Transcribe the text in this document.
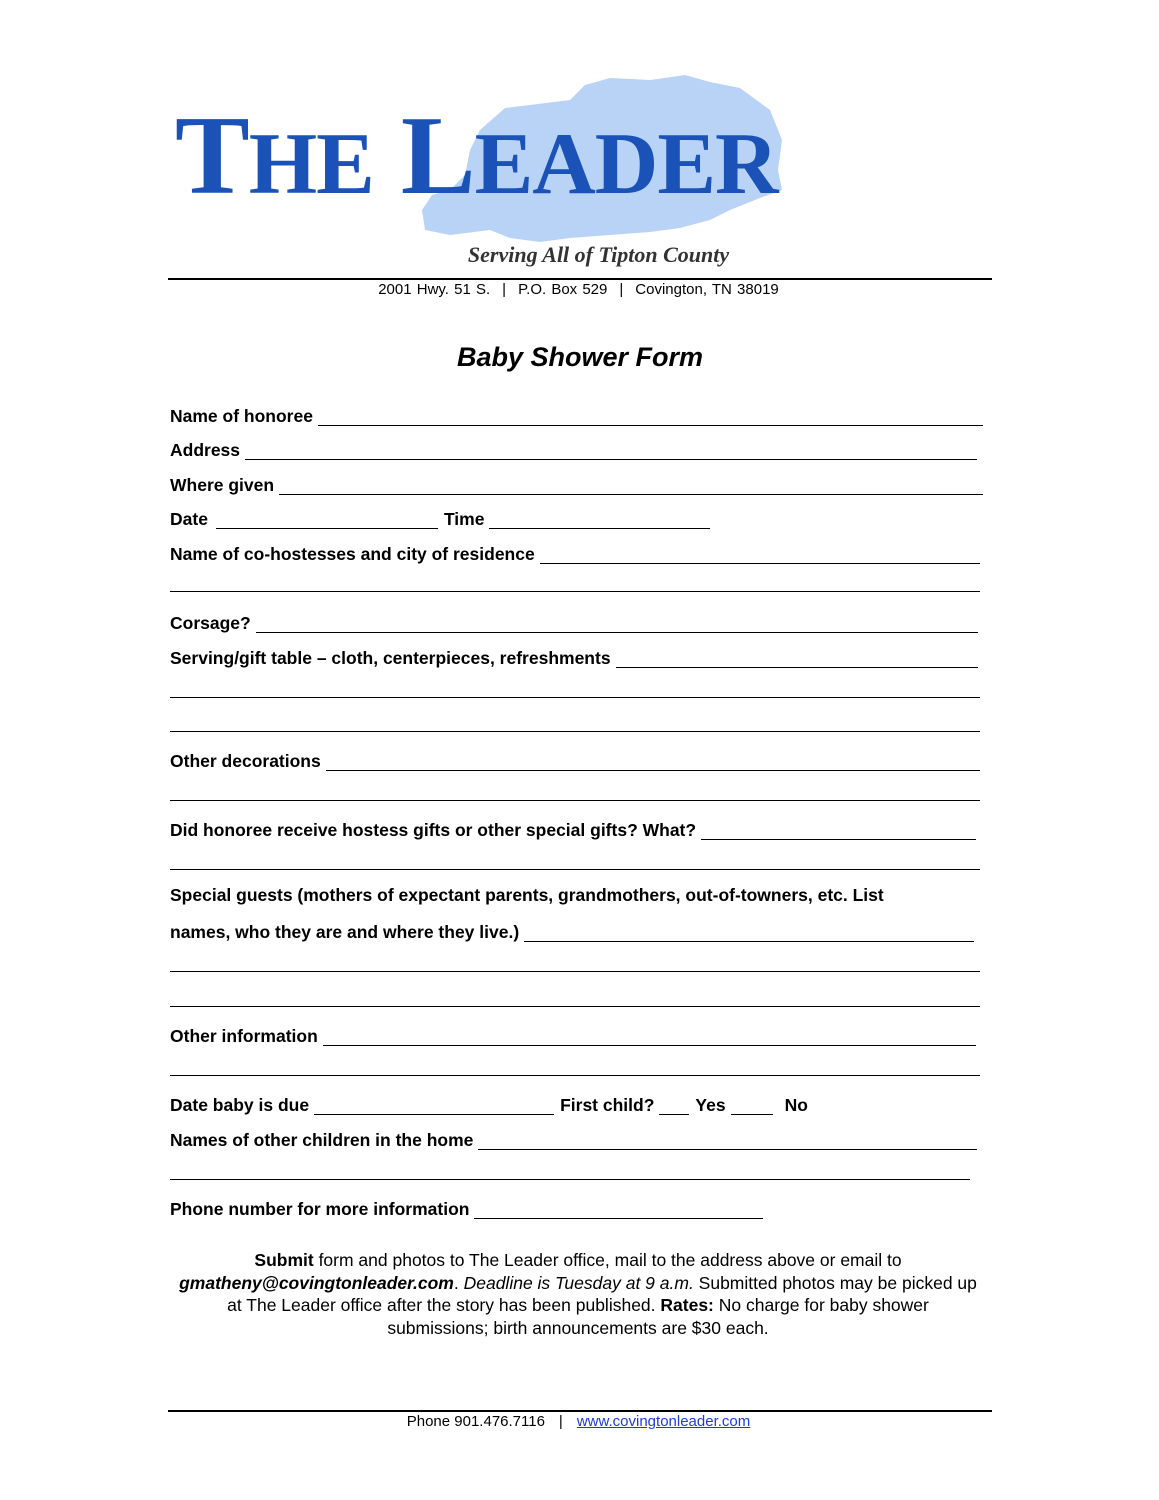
THE LEADER
Serving All of Tipton County
2001 Hwy. 51 S. | P.O. Box 529 | Covington, TN 38019
Baby Shower Form
Name of honoree
Address
Where given
Date	Time
Name of co-hostesses and city of residence
Corsage?
Serving/gift table – cloth, centerpieces, refreshments
Other decorations
Did honoree receive hostess gifts or other special gifts? What?
Special guests (mothers of expectant parents, grandmothers, out-of-towners, etc. List
names, who they are and where they live.)
Other information
Date baby is due	First child? Yes	No
Names of other children in the home
Phone number for more information
Submit form and photos to The Leader office, mail to the address above or email to gmatheny@covingtonleader.com. Deadline is Tuesday at 9 a.m. Submitted photos may be picked up at The Leader office after the story has been published. Rates: No charge for baby shower submissions; birth announcements are $30 each.
Phone 901.476.7116 | www.covingtonleader.com
